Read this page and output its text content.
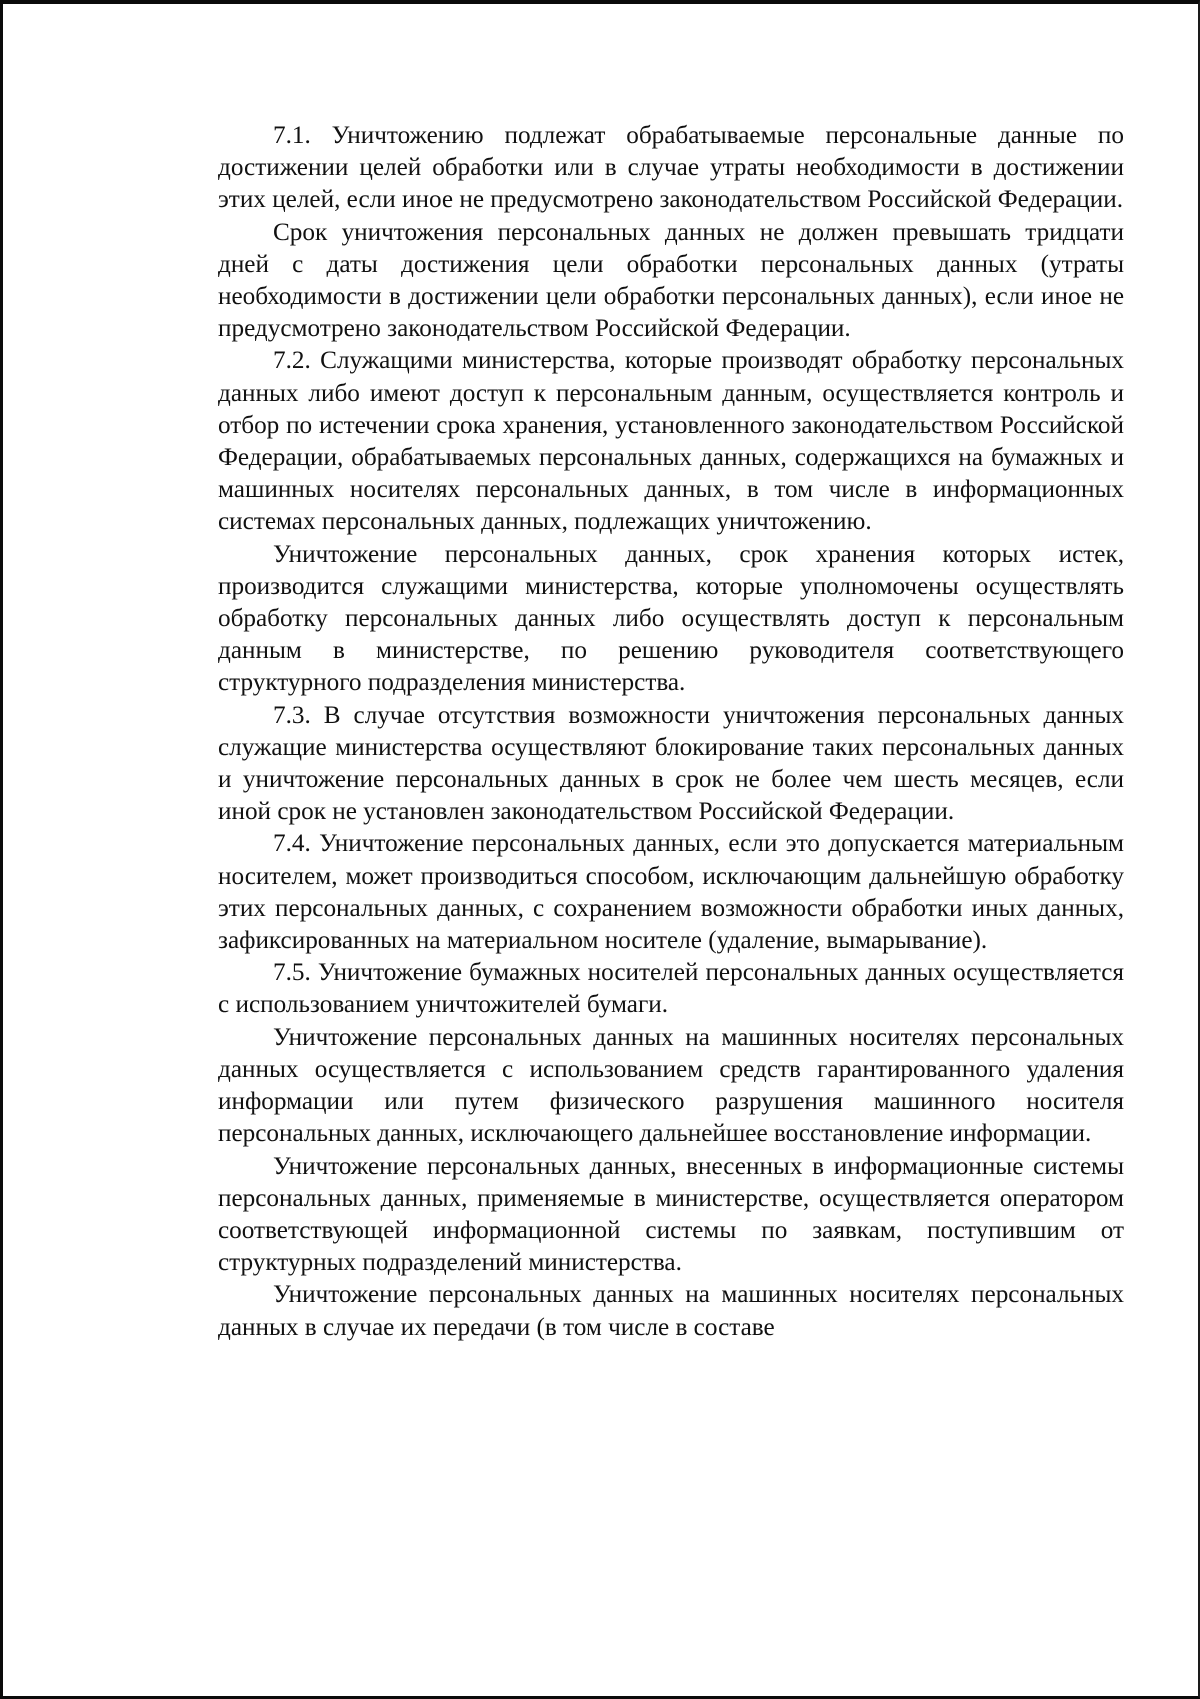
7.1. Уничтожению подлежат обрабатываемые персональные данные по достижении целей обработки или в случае утраты необходимости в достижении этих целей, если иное не предусмотрено законодательством Российской Федерации.

Срок уничтожения персональных данных не должен превышать тридцати дней с даты достижения цели обработки персональных данных (утраты необходимости в достижении цели обработки персональных данных), если иное не предусмотрено законодательством Российской Федерации.

7.2. Служащими министерства, которые производят обработку персональных данных либо имеют доступ к персональным данным, осуществляется контроль и отбор по истечении срока хранения, установленного законодательством Российской Федерации, обрабатываемых персональных данных, содержащихся на бумажных и машинных носителях персональных данных, в том числе в информационных системах персональных данных, подлежащих уничтожению.

Уничтожение персональных данных, срок хранения которых истек, производится служащими министерства, которые уполномочены осуществлять обработку персональных данных либо осуществлять доступ к персональным данным в министерстве, по решению руководителя соответствующего структурного подразделения министерства.

7.3. В случае отсутствия возможности уничтожения персональных данных служащие министерства осуществляют блокирование таких персональных данных и уничтожение персональных данных в срок не более чем шесть месяцев, если иной срок не установлен законодательством Российской Федерации.

7.4. Уничтожение персональных данных, если это допускается материальным носителем, может производиться способом, исключающим дальнейшую обработку этих персональных данных, с сохранением возможности обработки иных данных, зафиксированных на материальном носителе (удаление, вымарывание).

7.5. Уничтожение бумажных носителей персональных данных осуществляется с использованием уничтожителей бумаги.

Уничтожение персональных данных на машинных носителях персональных данных осуществляется с использованием средств гарантированного удаления информации или путем физического разрушения машинного носителя персональных данных, исключающего дальнейшее восстановление информации.

Уничтожение персональных данных, внесенных в информационные системы персональных данных, применяемые в министерстве, осуществляется оператором соответствующей информационной системы по заявкам, поступившим от структурных подразделений министерства.

Уничтожение персональных данных на машинных носителях персональных данных в случае их передачи (в том числе в составе
